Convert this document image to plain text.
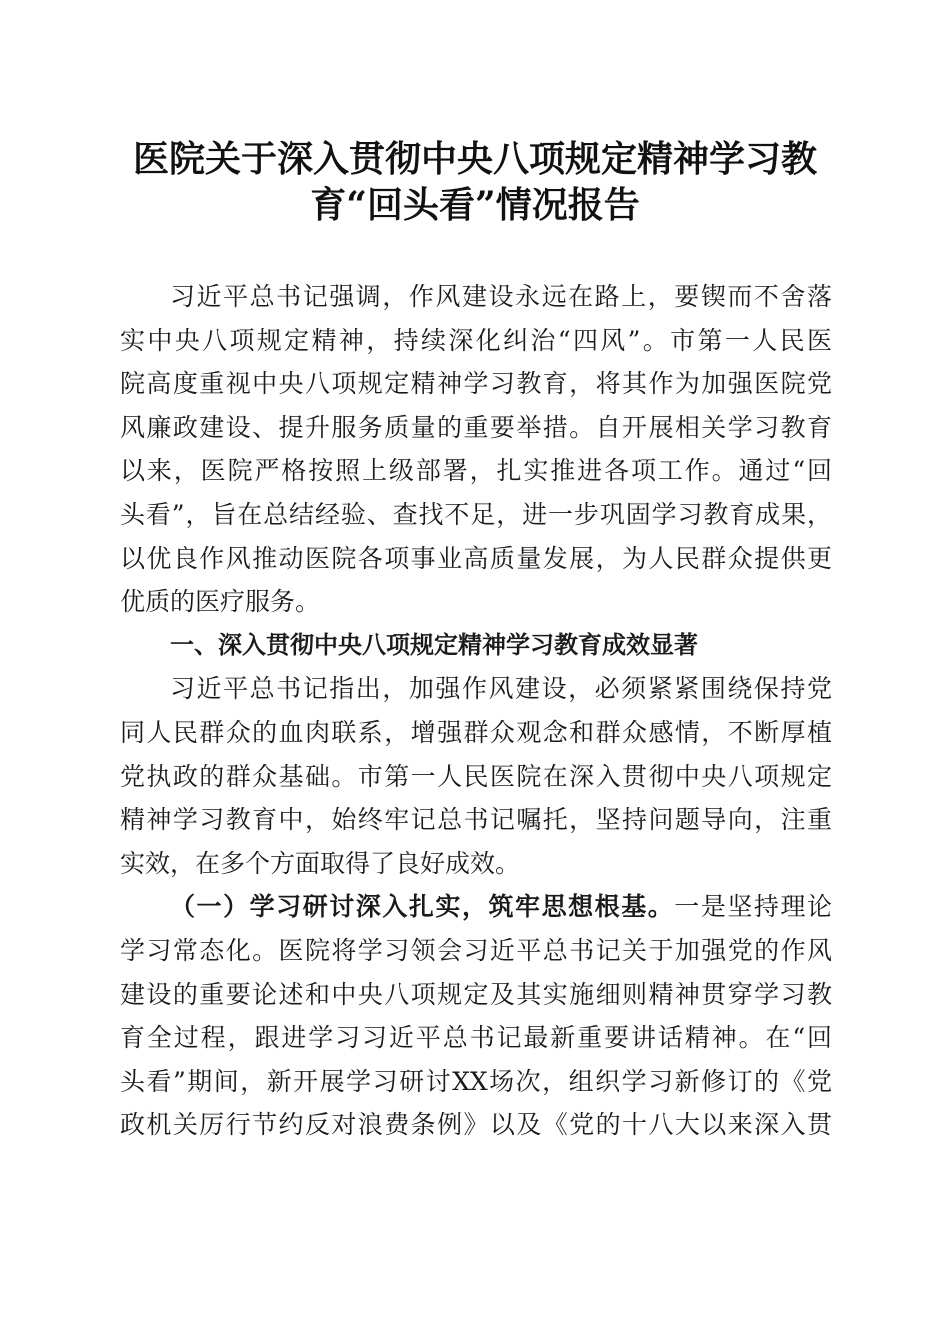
医院关于深入贯彻中央八项规定精神学习教
育“回头看”情况报告
习近平总书记强调，作风建设永远在路上，要锲而不舍落
实中央八项规定精神，持续深化纠治“四风”。市第一人民医
院高度重视中央八项规定精神学习教育，将其作为加强医院党
风廉政建设、提升服务质量的重要举措。自开展相关学习教育
以来，医院严格按照上级部署，扎实推进各项工作。通过“回
头看”，旨在总结经验、查找不足，进一步巩固学习教育成果，
以优良作风推动医院各项事业高质量发展，为人民群众提供更
优质的医疗服务。
一、深入贯彻中央八项规定精神学习教育成效显著
习近平总书记指出，加强作风建设，必须紧紧围绕保持党
同人民群众的血肉联系，增强群众观念和群众感情，不断厚植
党执政的群众基础。市第一人民医院在深入贯彻中央八项规定
精神学习教育中，始终牢记总书记嘱托，坚持问题导向，注重
实效，在多个方面取得了良好成效。
（一）学习研讨深入扎实，筑牢思想根基。一是坚持理论
学习常态化。医院将学习领会习近平总书记关于加强党的作风
建设的重要论述和中央八项规定及其实施细则精神贯穿学习教
育全过程，跟进学习习近平总书记最新重要讲话精神。在“回
头看”期间，新开展学习研讨XX场次，组织学习新修订的《党
政机关厉行节约反对浪费条例》以及《党的十八大以来深入贯
